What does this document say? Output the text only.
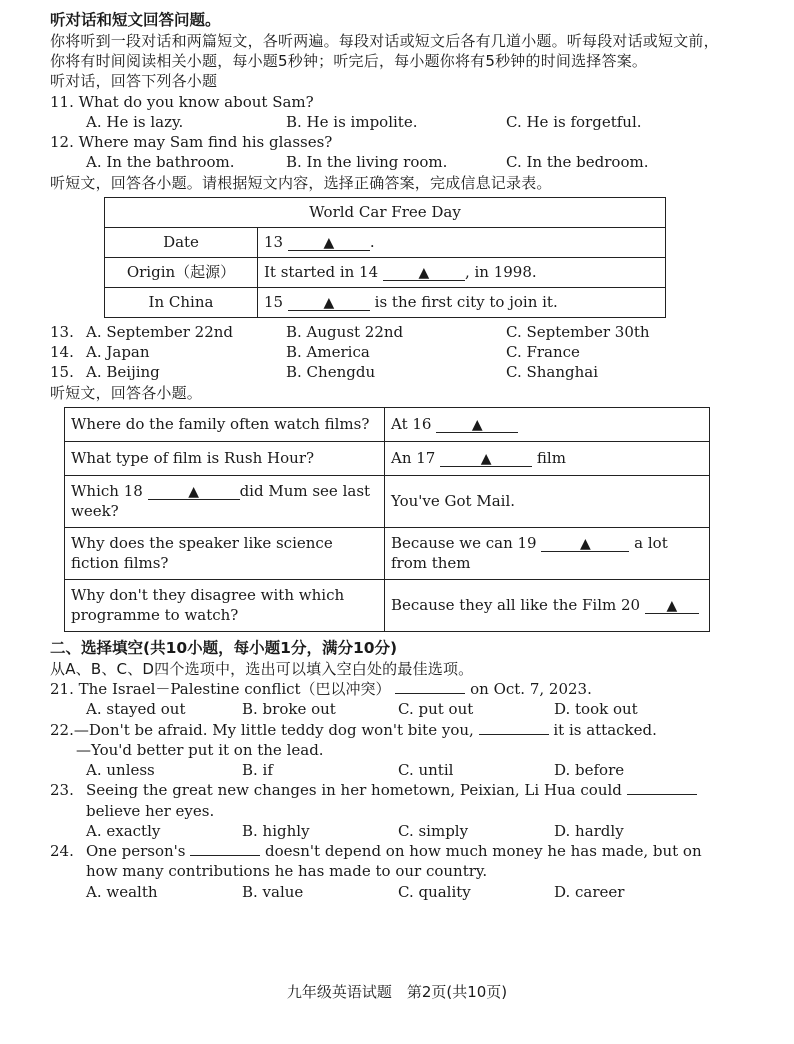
听对话和短文回答问题。

你将听到一段对话和两篇短文，各听两遍。每段对话或短文后各有几道小题。听每段对话或短文前，你将有时间阅读相关小题，每小题5秒钟；听完后，每小题你将有5秒钟的时间选择答案。

听对话，回答下列各小题

11. What do you know about Sam?

A. He is lazy.	B. He is impolite.	C. He is forgetful.

12. Where may Sam find his glasses?

A. In the bathroom.	B. In the living room.	C. In the bedroom.

听短文，回答各小题。请根据短文内容，选择正确答案，完成信息记录表。

World Car Free Day	
Date	13 ▲ .
Origin（起源）	It started in 14 ▲ , in 1998.
In China	15 ▲ is the first city to join it.
13. A. September 22nd	B. August 22nd	C. September 30th
14. A. Japan	B. America	C. France
15. A. Beijing	B. Chengdu	C. Shanghai

听短文，回答各小题。

Where do the family often watch films?	At 16 ▲
What type of film is Rush Hour?	An 17 ▲ film
Which 18 ▲ did Mum see last week?	You've Got Mail.
Why does the speaker like science fiction films?	Because we can 19 ▲ a lot from them
Why don't they disagree with which programme to watch?	Because they all like the Film 20 ▲

二、选择填空(共10小题，每小题1分，满分10分)

从A、B、C、D四个选项中，选出可以填入空白处的最佳选项。

21. The Israel－Palestine conflict（巴以冲突）	on Oct. 7, 2023.

A. stayed out	B. broke out	C. put out	D. took out

22.—Don't be afraid. My little teddy dog won't bite you,	it is attacked.

—You'd better put it on the lead.

A. unless	B. if	C. until	D. before

23. Seeing the great new changes in her hometown, Peixian, Li Hua could  believe her eyes.

A. exactly	B. highly	C. simply	D. hardly

24. One person's	doesn't depend on how much money he has made, but on how many contributions he has made to our country.

A. wealth	B. value	C. quality	D. career
九年级英语试题　第2页(共10页)
